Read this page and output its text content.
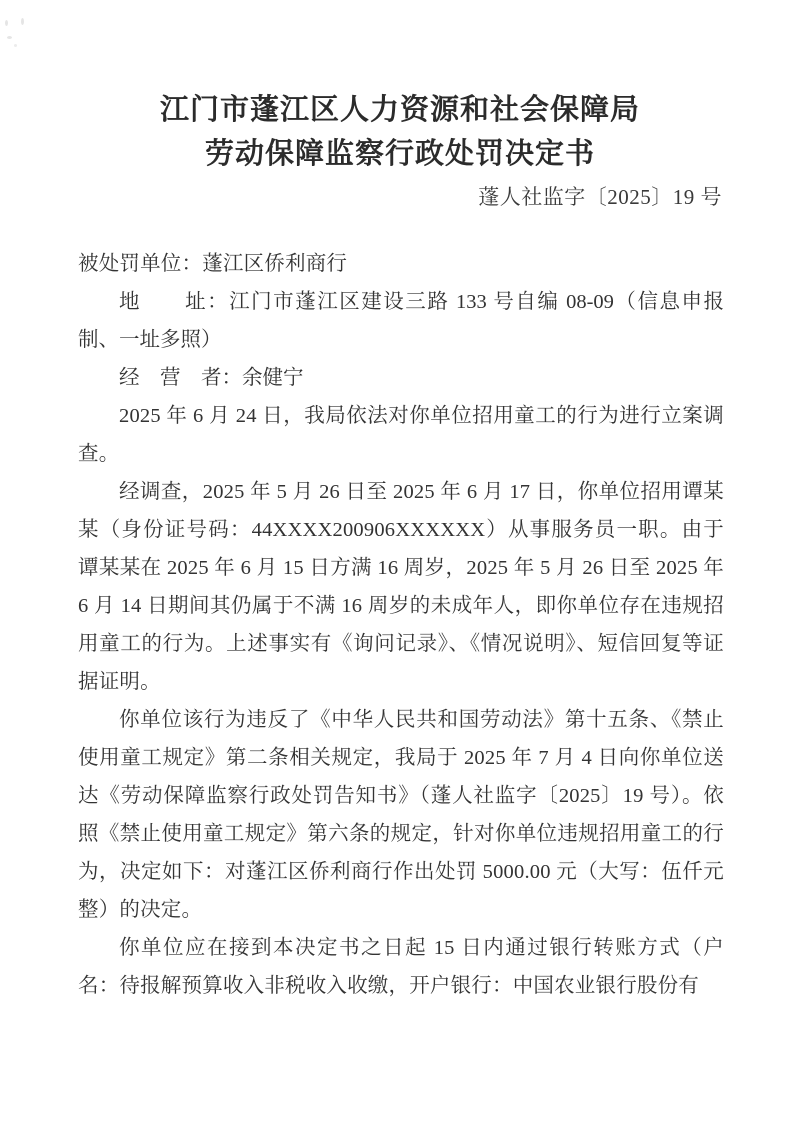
江门市蓬江区人力资源和社会保障局
劳动保障监察行政处罚决定书
蓬人社监字〔2025〕19 号

被处罚单位：蓬江区侨利商行

地　　址：江门市蓬江区建设三路 133 号自编 08-09（信息申报制、一址多照）

经　营　者：余健宁

2025 年 6 月 24 日，我局依法对你单位招用童工的行为进行立案调查。

经调查，2025 年 5 月 26 日至 2025 年 6 月 17 日，你单位招用谭某某（身份证号码：44XXXX200906XXXXXX）从事服务员一职。由于谭某某在 2025 年 6 月 15 日方满 16 周岁，2025 年 5 月 26 日至 2025 年 6 月 14 日期间其仍属于不满 16 周岁的未成年人，即你单位存在违规招用童工的行为。上述事实有《询问记录》、《情况说明》、短信回复等证据证明。

你单位该行为违反了《中华人民共和国劳动法》第十五条、《禁止使用童工规定》第二条相关规定，我局于 2025 年 7 月 4 日向你单位送达《劳动保障监察行政处罚告知书》（蓬人社监字〔2025〕19 号）。依照《禁止使用童工规定》第六条的规定，针对你单位违规招用童工的行为，决定如下：对蓬江区侨利商行作出处罚 5000.00 元（大写：伍仟元整）的决定。

你单位应在接到本决定书之日起 15 日内通过银行转账方式（户名：待报解预算收入非税收入收缴，开户银行：中国农业银行股份有
